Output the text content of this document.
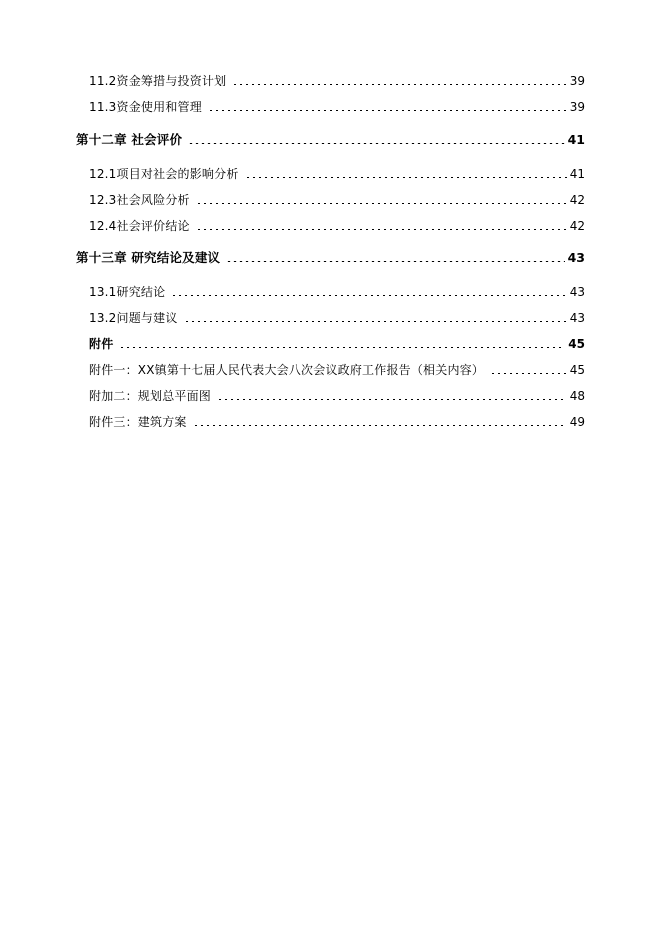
11.2资金筹措与投资计划	39
11.3资金使用和管理	39
第十二章 社会评价	41
12.1项目对社会的影响分析	41
12.3社会风险分析	42
12.4社会评价结论	42
第十三章 研究结论及建议	43
13.1研究结论	43
13.2问题与建议	43
附件	45
附件一：XX镇第十七届人民代表大会八次会议政府工作报告（相关内容）	45
附加二：规划总平面图	48
附件三：建筑方案	49
